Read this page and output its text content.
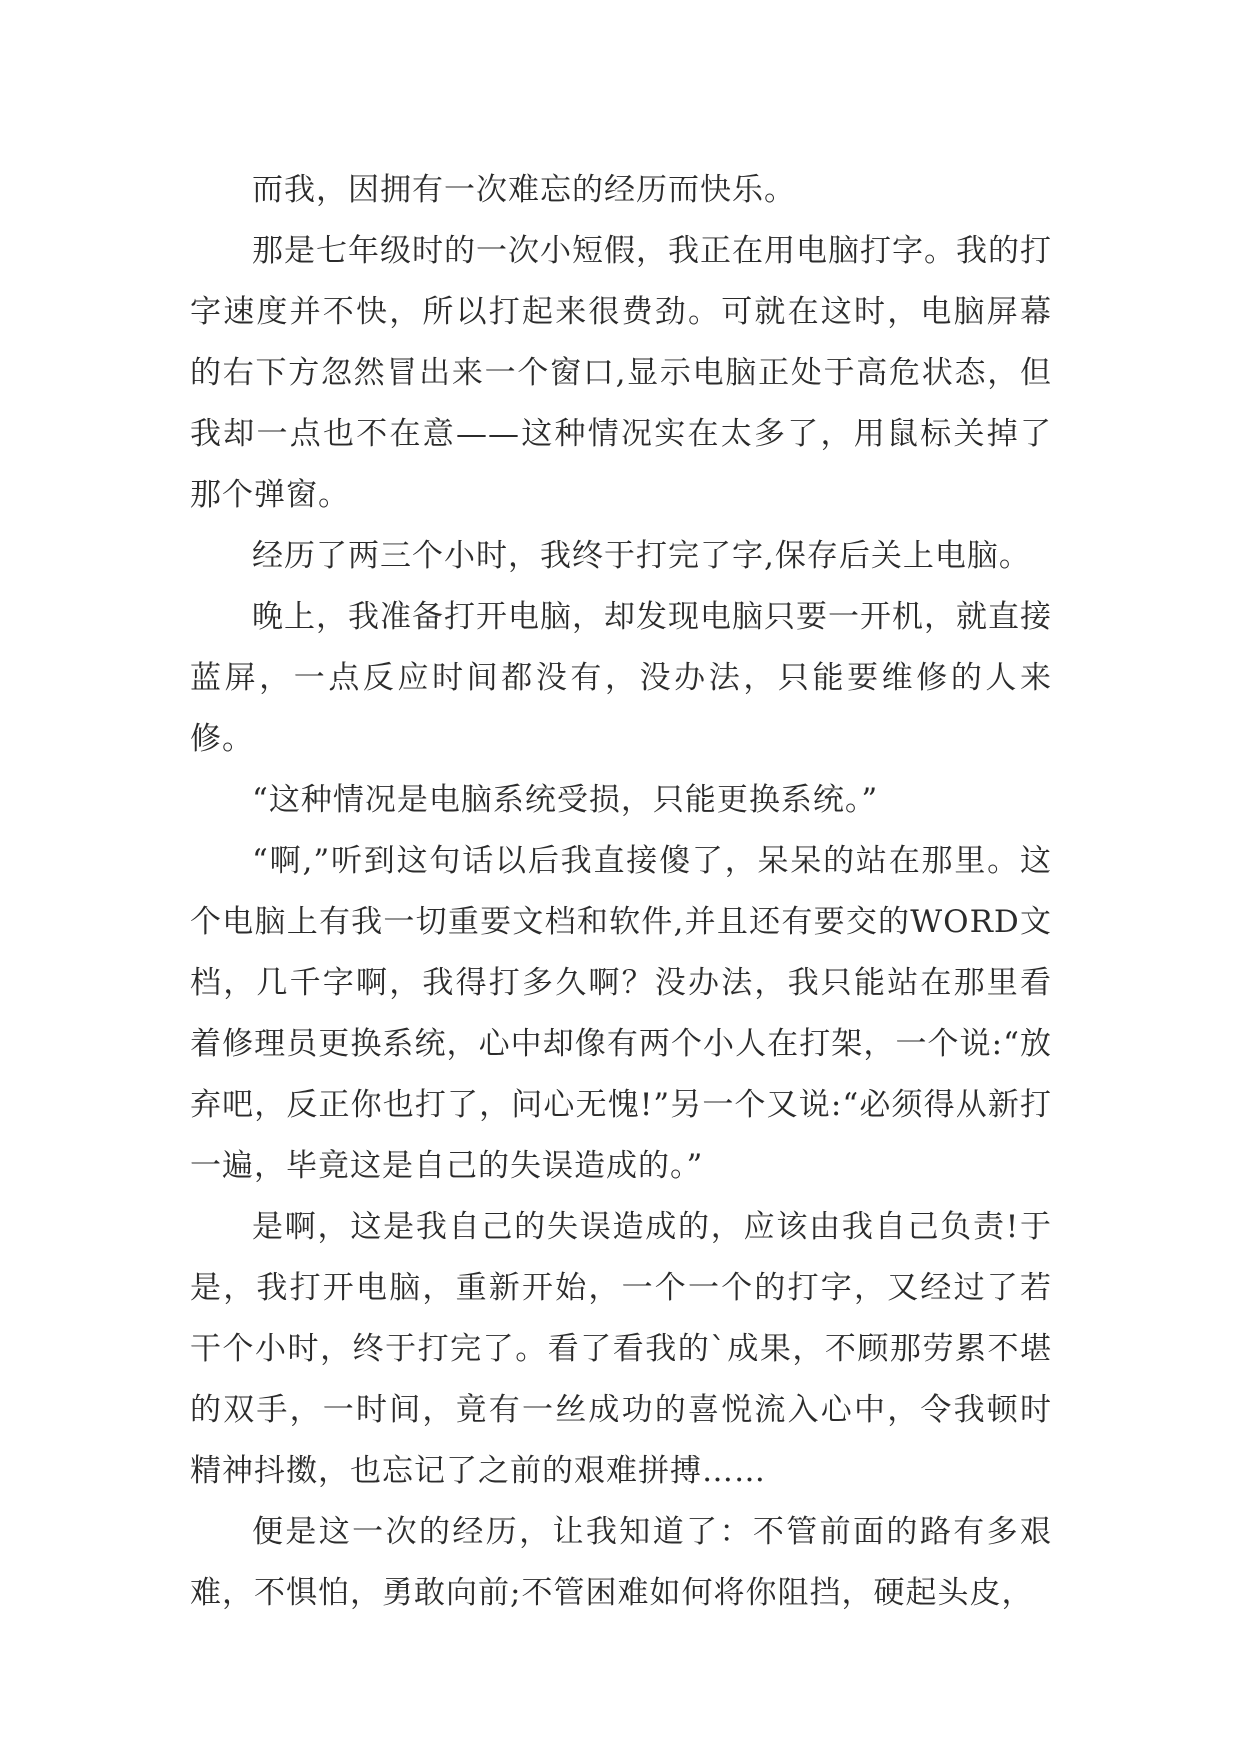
而我，因拥有一次难忘的经历而快乐。

那是七年级时的一次小短假，我正在用电脑打字。我的打字速度并不快，所以打起来很费劲。可就在这时，电脑屏幕的右下方忽然冒出来一个窗口,显示电脑正处于高危状态，但我却一点也不在意——这种情况实在太多了，用鼠标关掉了那个弹窗。

经历了两三个小时，我终于打完了字,保存后关上电脑。

晚上，我准备打开电脑，却发现电脑只要一开机，就直接蓝屏，一点反应时间都没有，没办法，只能要维修的人来修。

“这种情况是电脑系统受损，只能更换系统。”

“啊,”听到这句话以后我直接傻了，呆呆的站在那里。这个电脑上有我一切重要文档和软件,并且还有要交的WORD文档，几千字啊，我得打多久啊？没办法，我只能站在那里看着修理员更换系统，心中却像有两个小人在打架，一个说:“放弃吧，反正你也打了，问心无愧!”另一个又说:“必须得从新打一遍，毕竟这是自己的失误造成的。”

是啊，这是我自己的失误造成的，应该由我自己负责!于是，我打开电脑，重新开始，一个一个的打字，又经过了若干个小时，终于打完了。看了看我的`成果，不顾那劳累不堪的双手，一时间，竟有一丝成功的喜悦流入心中，令我顿时精神抖擞，也忘记了之前的艰难拼搏……

便是这一次的经历，让我知道了：不管前面的路有多艰难，不惧怕，勇敢向前;不管困难如何将你阻挡，硬起头皮，
